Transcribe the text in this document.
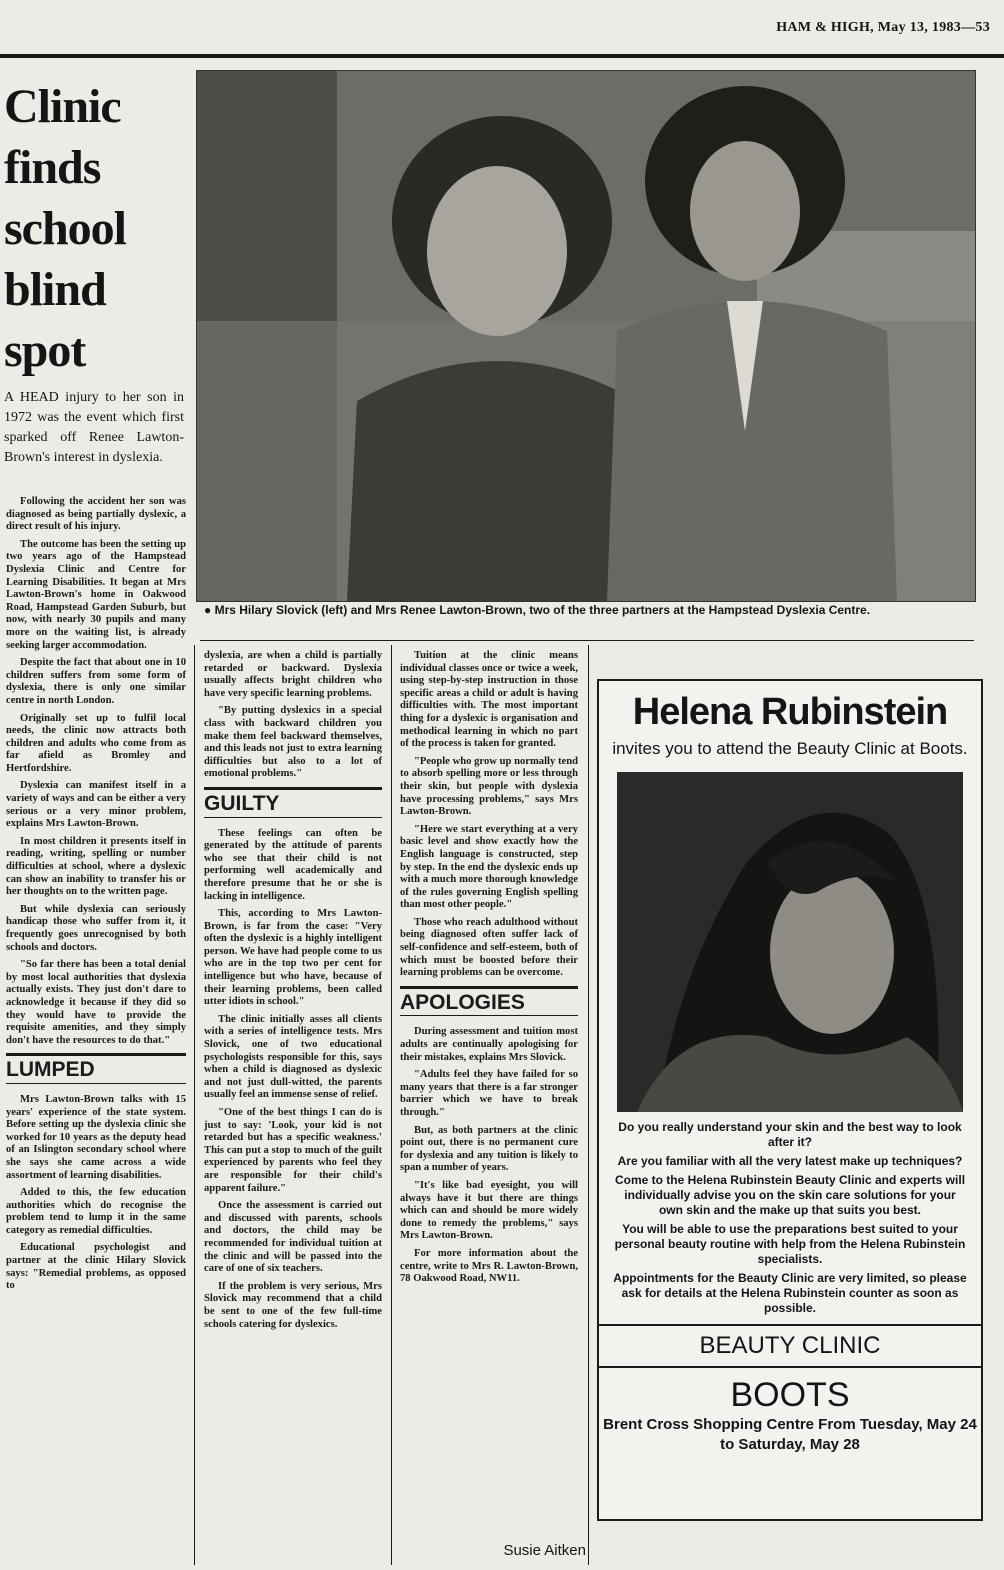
HAM & HIGH, May 13, 1983—53
Clinic finds school blind spot
A HEAD injury to her son in 1972 was the event which first sparked off Renee Lawton-Brown's interest in dyslexia.
● Mrs Hilary Slovick (left) and Mrs Renee Lawton-Brown, two of the three partners at the Hampstead Dyslexia Centre.

Following the accident her son was diagnosed as being partially dyslexic, a direct result of his injury.

The outcome has been the setting up two years ago of the Hampstead Dyslexia Clinic and Centre for Learning Disabilities. It began at Mrs Lawton-Brown's home in Oakwood Road, Hampstead Garden Suburb, but now, with nearly 30 pupils and many more on the waiting list, is already seeking larger accommodation.

Despite the fact that about one in 10 children suffers from some form of dyslexia, there is only one similar centre in north London.

Originally set up to fulfil local needs, the clinic now attracts both children and adults who come from as far afield as Bromley and Hertfordshire.

Dyslexia can manifest itself in a variety of ways and can be either a very serious or a very minor problem, explains Mrs Lawton-Brown.

In most children it presents itself in reading, writing, spelling or number difficulties at school, where a dyslexic can show an inability to transfer his or her thoughts on to the written page.

But while dyslexia can seriously handicap those who suffer from it, it frequently goes unrecognised by both schools and doctors.

"So far there has been a total denial by most local authorities that dyslexia actually exists. They just don't dare to acknowledge it because if they did so they would have to provide the requisite amenities, and they simply don't have the resources to do that."

LUMPED

Mrs Lawton-Brown talks with 15 years' experience of the state system. Before setting up the dyslexia clinic she worked for 10 years as the deputy head of an Islington secondary school where she says she came across a wide assortment of learning disabilities.

Added to this, the few education authorities which do recognise the problem tend to lump it in the same category as remedial difficulties.

Educational psychologist and partner at the clinic Hilary Slovick says: "Remedial problems, as opposed to

dyslexia, are when a child is partially retarded or backward. Dyslexia usually affects bright children who have very specific learning problems.

"By putting dyslexics in a special class with backward children you make them feel backward themselves, and this leads not just to extra learning difficulties but also to a lot of emotional problems."

GUILTY

These feelings can often be generated by the attitude of parents who see that their child is not performing well academically and therefore presume that he or she is lacking in intelligence.

This, according to Mrs Lawton-Brown, is far from the case: "Very often the dyslexic is a highly intelligent person. We have had people come to us who are in the top two per cent for intelligence but who have, because of their learning problems, been called utter idiots in school."

The clinic initially asses all clients with a series of intelligence tests. Mrs Slovick, one of two educational psychologists responsible for this, says when a child is diagnosed as dyslexic and not just dull-witted, the parents usually feel an immense sense of relief.

"One of the best things I can do is just to say: 'Look, your kid is not retarded but has a specific weakness.' This can put a stop to much of the guilt experienced by parents who feel they are responsible for their child's apparent failure."

Once the assessment is carried out and discussed with parents, schools and doctors, the child may be recommended for individual tuition at the clinic and will be passed into the care of one of six teachers.

If the problem is very serious, Mrs Slovick may recommend that a child be sent to one of the few full-time schools catering for dyslexics.

Tuition at the clinic means individual classes once or twice a week, using step-by-step instruction in those specific areas a child or adult is having difficulties with. The most important thing for a dyslexic is organisation and methodical learning in which no part of the process is taken for granted.

"People who grow up normally tend to absorb spelling more or less through their skin, but people with dyslexia have processing problems," says Mrs Lawton-Brown.

"Here we start everything at a very basic level and show exactly how the English language is constructed, step by step. In the end the dyslexic ends up with a much more thorough knowledge of the rules governing English spelling than most other people."

Those who reach adulthood without being diagnosed often suffer lack of self-confidence and self-esteem, both of which must be boosted before their learning problems can be overcome.

APOLOGIES

During assessment and tuition most adults are continually apologising for their mistakes, explains Mrs Slovick.

"Adults feel they have failed for so many years that there is a far stronger barrier which we have to break through."

But, as both partners at the clinic point out, there is no permanent cure for dyslexia and any tuition is likely to span a number of years.

"It's like bad eyesight, you will always have it but there are things which can and should be more widely done to remedy the problems," says Mrs Lawton-Brown.

For more information about the centre, write to Mrs R. Lawton-Brown, 78 Oakwood Road, NW11.

Susie Aitken
Helena Rubinstein
invites you to attend the Beauty Clinic at Boots.

Do you really understand your skin and the best way to look after it?

Are you familiar with all the very latest make up techniques?

Come to the Helena Rubinstein Beauty Clinic and experts will individually advise you on the skin care solutions for your own skin and the make up that suits you best.

You will be able to use the preparations best suited to your personal beauty routine with help from the Helena Rubinstein specialists.

Appointments for the Beauty Clinic are very limited, so please ask for details at the Helena Rubinstein counter as soon as possible.

BEAUTY CLINIC
BOOTS
Brent Cross Shopping Centre From Tuesday, May 24 to Saturday, May 28
